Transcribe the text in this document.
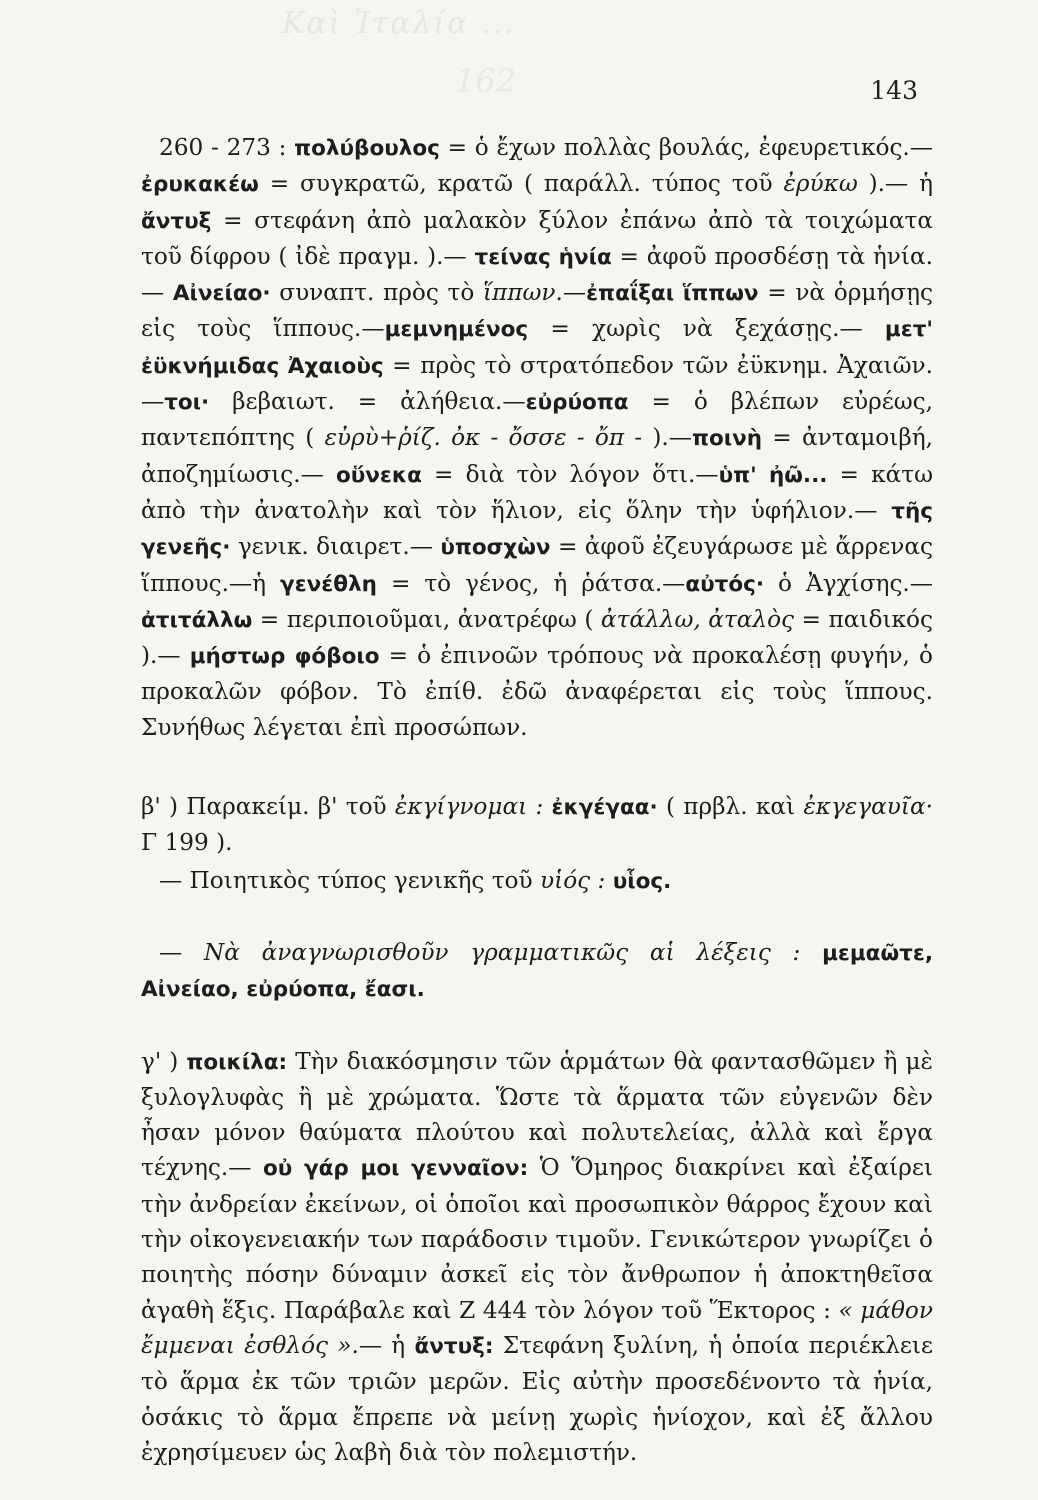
Καὶ Ἰταλία ...
162	143

260 - 273 : πολύβουλος = ὁ ἔχων πολλὰς βουλάς, ἐφευρετικός.— ἐρυκακέω = συγκρατῶ, κρατῶ ( παράλλ. τύπος τοῦ ἐρύκω ).— ἡ ἄντυξ = στεφάνη ἀπὸ μαλακὸν ξύλον ἐπάνω ἀπὸ τὰ τοιχώματα τοῦ δίφρου ( ἰδὲ πραγμ. ).— τείνας ἡνία = ἀφοῦ προσδέσῃ τὰ ἡνία.— Αἰνείαο· συναπτ. πρὸς τὸ ἵππων.—ἐπαΐξαι ἵππων = νὰ ὁρμήσῃς εἰς τοὺς ἵππους.—μεμνημένος = χωρὶς νὰ ξεχάσῃς.— μετ' ἐϋκνήμιδας Ἀχαιοὺς = πρὸς τὸ στρατόπεδον τῶν ἐϋκνημ. Ἀχαιῶν.—τοι· βεβαιωτ. = ἀλήθεια.—εὐρύοπα = ὁ βλέπων εὐρέως, παντεπόπτης ( εὐρὺ+ῥίζ. ὀκ - ὄσσε - ὄπ - ).—ποινὴ = ἀνταμοιβή, ἀποζημίωσις.— οὕνεκα = διὰ τὸν λόγον ὅτι.—ὑπ' ἠῶ... = κάτω ἀπὸ τὴν ἀνατολὴν καὶ τὸν ἥλιον, εἰς ὅλην τὴν ὑφήλιον.— τῆς γενεῆς· γενικ. διαιρετ.— ὑποσχὼν = ἀφοῦ ἐζευγάρωσε μὲ ἄρρενας ἵππους.—ἡ γενέθλη = τὸ γένος, ἡ ῥάτσα.—αὐτός· ὁ Ἀγχίσης.— ἀτιτάλλω = περιποιοῦμαι, ἀνατρέφω ( ἀτάλλω, ἀταλὸς = παιδικός ).— μήστωρ φόβοιο = ὁ ἐπινοῶν τρόπους νὰ προκαλέσῃ φυγήν, ὁ προκαλῶν φόβον. Τὸ ἐπίθ. ἐδῶ ἀναφέρεται εἰς τοὺς ἵππους. Συνήθως λέγεται ἐπὶ προσώπων.

β' ) Παρακείμ. β' τοῦ ἐκγίγνομαι : ἐκγέγαα· ( πρβλ. καὶ ἐκγεγαυῖα· Γ 199 ).

— Ποιητικὸς τύπος γενικῆς τοῦ υἱός : υἷος.

— Νὰ ἀναγνωρισθοῦν γραμματικῶς αἱ λέξεις : μεμαῶτε, Αἰνείαο, εὐρύοπα, ἔασι.

γ' ) ποικίλα: Τὴν διακόσμησιν τῶν ἁρμάτων θὰ φαντασθῶμεν ἢ μὲ ξυλογλυφὰς ἢ μὲ χρώματα. Ὥστε τὰ ἅρματα τῶν εὐγενῶν δὲν ἦσαν μόνον θαύματα πλούτου καὶ πολυτελείας, ἀλλὰ καὶ ἔργα τέχνης.— οὐ γάρ μοι γενναῖον: Ὁ Ὅμηρος διακρίνει καὶ ἐξαίρει τὴν ἀνδρείαν ἐκείνων, οἱ ὁποῖοι καὶ προσωπικὸν θάρρος ἔχουν καὶ τὴν οἰκογενειακήν των παράδοσιν τιμοῦν. Γενικώτερον γνωρίζει ὁ ποιητὴς πόσην δύναμιν ἀσκεῖ εἰς τὸν ἄνθρωπον ἡ ἀποκτηθεῖσα ἀγαθὴ ἕξις. Παράβαλε καὶ Ζ 444 τὸν λόγον τοῦ Ἕκτορος : « μάθον ἔμμεναι ἐσθλός ».— ἡ ἄντυξ: Στεφάνη ξυλίνη, ἡ ὁποία περιέκλειε τὸ ἅρμα ἐκ τῶν τριῶν μερῶν. Εἰς αὐτὴν προσεδένοντο τὰ ἡνία, ὁσάκις τὸ ἅρμα ἔπρεπε νὰ μείνῃ χωρὶς ἡνίοχον, καὶ ἐξ ἄλλου ἐχρησίμευεν ὡς λαβὴ διὰ τὸν πολεμιστήν.
